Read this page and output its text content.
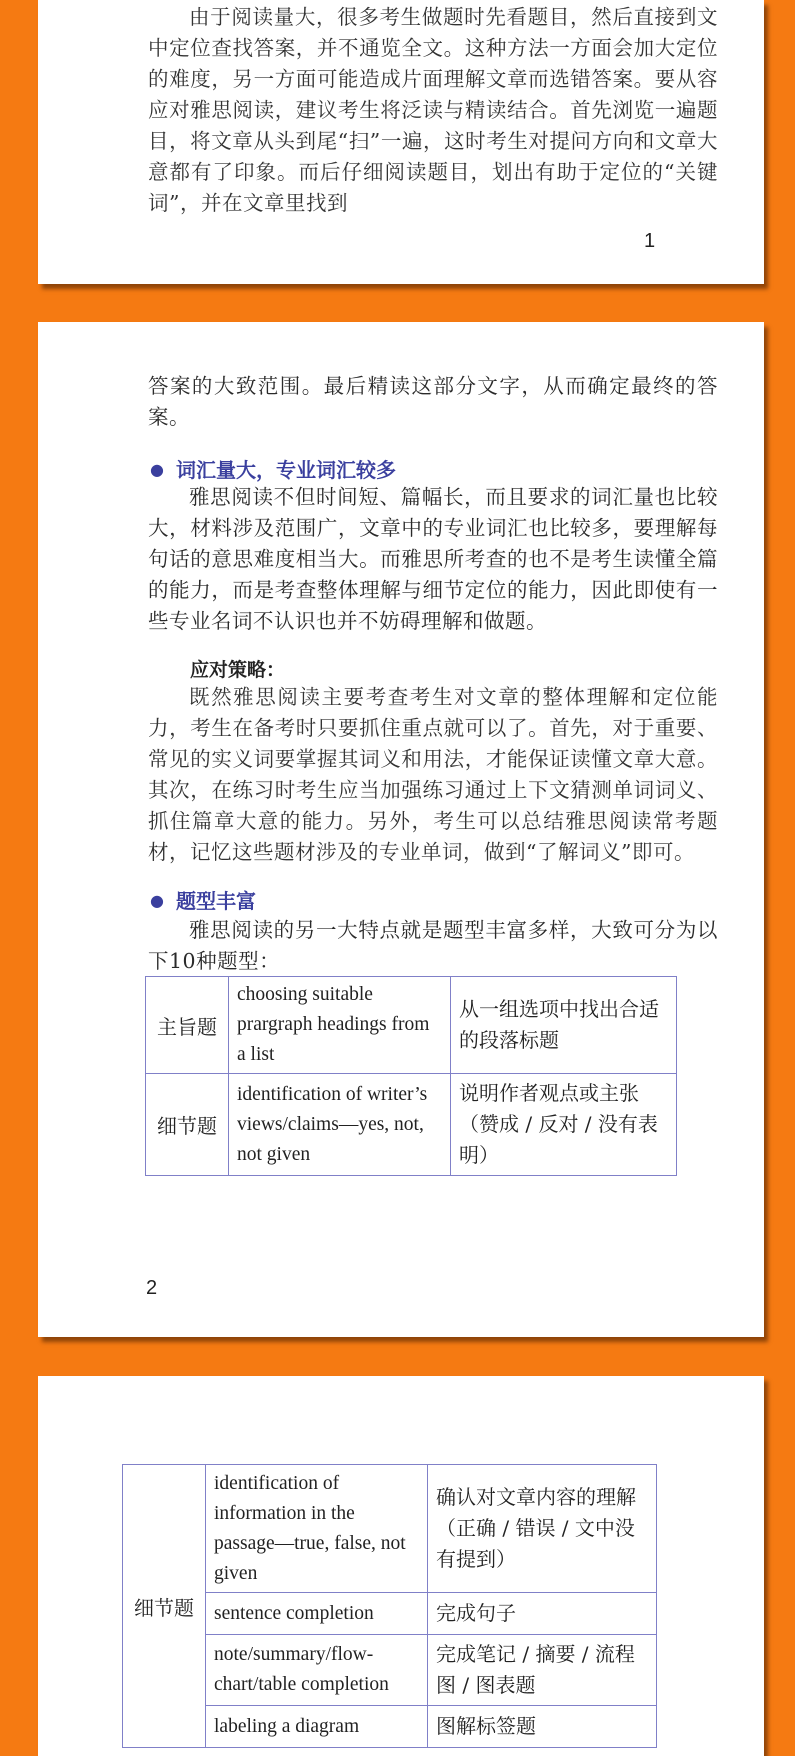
由于阅读量大，很多考生做题时先看题目，然后直接到文中定位查找答案，并不通览全文。这种方法一方面会加大定位的难度，另一方面可能造成片面理解文章而选错答案。要从容应对雅思阅读，建议考生将泛读与精读结合。首先浏览一遍题目，将文章从头到尾“扫”一遍，这时考生对提问方向和文章大意都有了印象。而后仔细阅读题目，划出有助于定位的“关键词”，并在文章里找到

1

答案的大致范围。最后精读这部分文字，从而确定最终的答案。

● 词汇量大，专业词汇较多

雅思阅读不但时间短、篇幅长，而且要求的词汇量也比较大，材料涉及范围广，文章中的专业词汇也比较多，要理解每句话的意思难度相当大。而雅思所考查的也不是考生读懂全篇的能力，而是考查整体理解与细节定位的能力，因此即使有一些专业名词不认识也并不妨碍理解和做题。

应对策略：

既然雅思阅读主要考查考生对文章的整体理解和定位能力，考生在备考时只要抓住重点就可以了。首先，对于重要、常见的实义词要掌握其词义和用法，才能保证读懂文章大意。其次，在练习时考生应当加强练习通过上下文猜测单词词义、抓住篇章大意的能力。另外，考生可以总结雅思阅读常考题材，记忆这些题材涉及的专业单词，做到“了解词义”即可。

● 题型丰富

雅思阅读的另一大特点就是题型丰富多样，大致可分为以下10种题型：

主旨题	choosing suitable prargraph headings from a list	从一组选项中找出合适的段落标题
细节题	identification of writer’s views/claims—yes, not, not given	说明作者观点或主张（赞成 / 反对 / 没有表明）
2
细节题	identification of information in the passage—true, false, not given	确认对文章内容的理解（正确 / 错误 / 文中没有提到）
	sentence completion	完成句子
	note/summary/flow-chart/table completion	完成笔记 / 摘要 / 流程图 / 图表题
	labeling a diagram	图解标签题
